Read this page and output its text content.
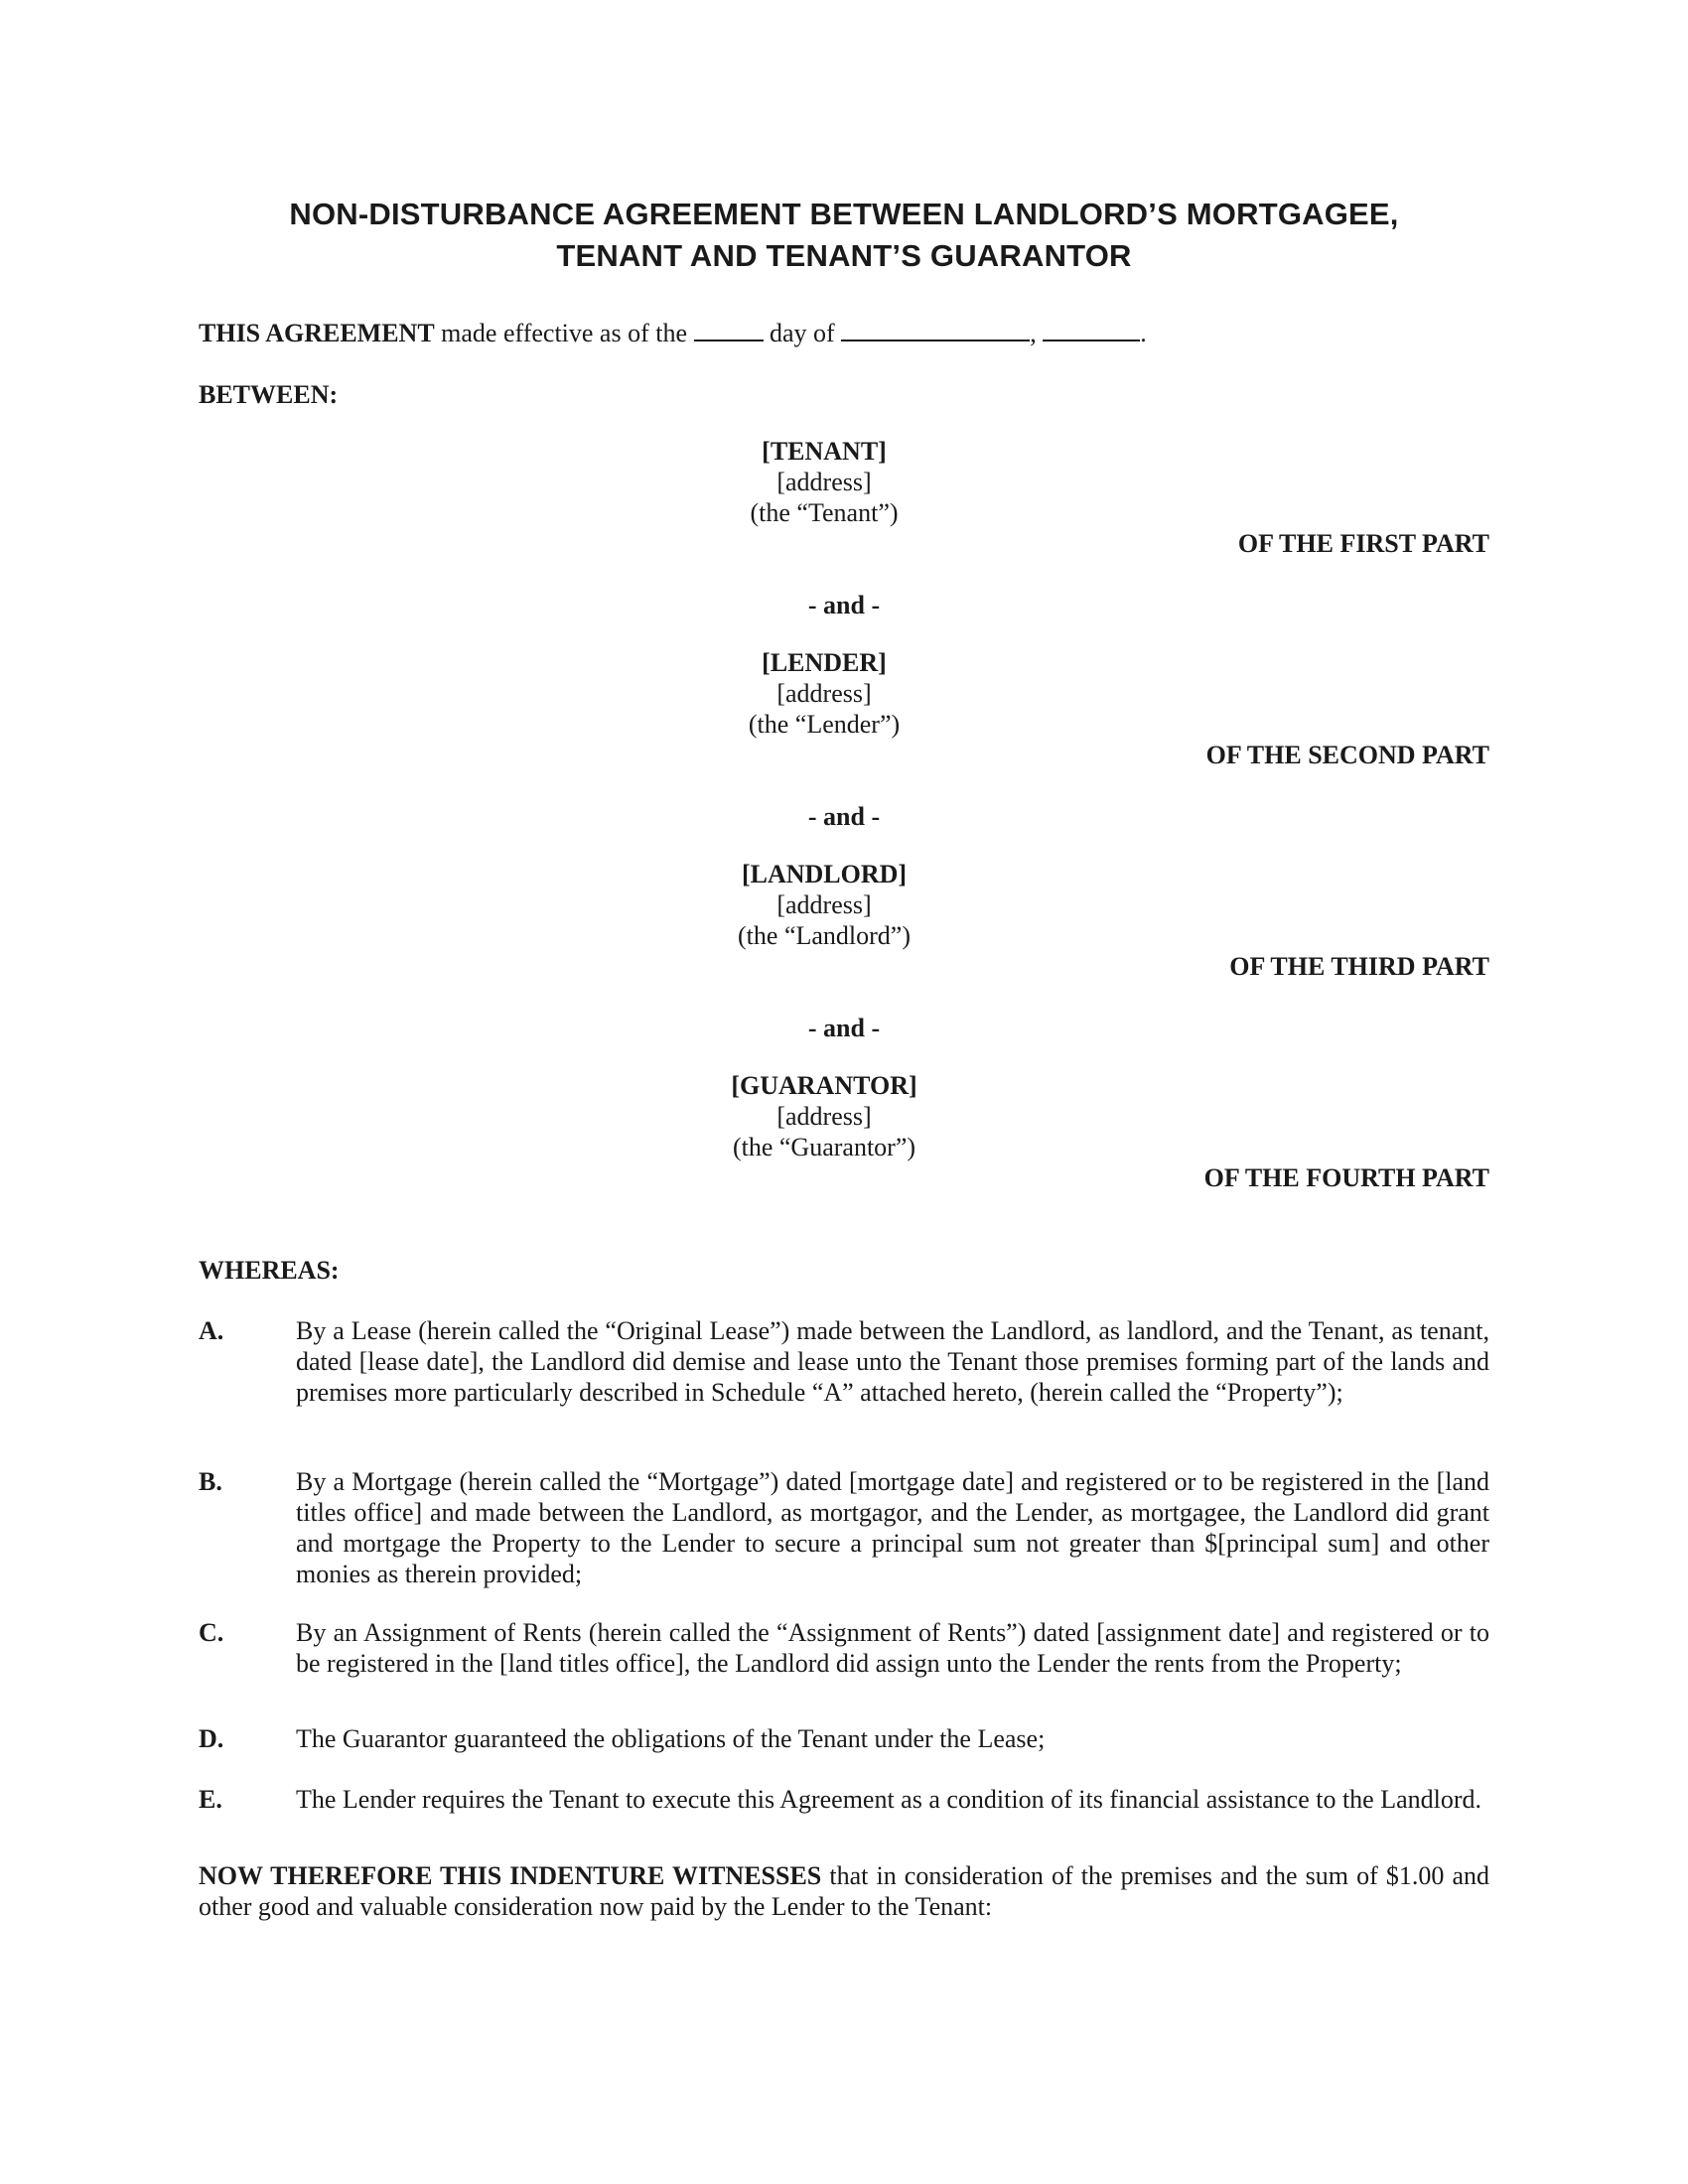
NON-DISTURBANCE AGREEMENT BETWEEN LANDLORD’S MORTGAGEE,
TENANT AND TENANT’S GUARANTOR
THIS AGREEMENT made effective as of the	day of	,	.
BETWEEN:
[TENANT]
[address]
(the “Tenant”)
OF THE FIRST PART
- and -
[LENDER]
[address]
(the “Lender”)
OF THE SECOND PART
- and -
[LANDLORD]
[address]
(the “Landlord”)
OF THE THIRD PART
- and -
[GUARANTOR]
[address]
(the “Guarantor”)
OF THE FOURTH PART
WHEREAS:
A.	By a Lease (herein called the “Original Lease”) made between the Landlord, as landlord, and the Tenant, as tenant, dated [lease date], the Landlord did demise and lease unto the Tenant those premises forming part of the lands and premises more particularly described in Schedule “A” attached hereto, (herein called the “Property”);
B.	By a Mortgage (herein called the “Mortgage”) dated [mortgage date] and registered or to be registered in the [land titles office] and made between the Landlord, as mortgagor, and the Lender, as mortgagee, the Landlord did grant and mortgage the Property to the Lender to secure a principal sum not greater than $[principal sum] and other monies as therein provided;
C.	By an Assignment of Rents (herein called the “Assignment of Rents”) dated [assignment date] and registered or to be registered in the [land titles office], the Landlord did assign unto the Lender the rents from the Property;
D.	The Guarantor guaranteed the obligations of the Tenant under the Lease;
E.	The Lender requires the Tenant to execute this Agreement as a condition of its financial assistance to the Landlord.
NOW THEREFORE THIS INDENTURE WITNESSES that in consideration of the premises and the sum of $1.00 and other good and valuable consideration now paid by the Lender to the Tenant:
